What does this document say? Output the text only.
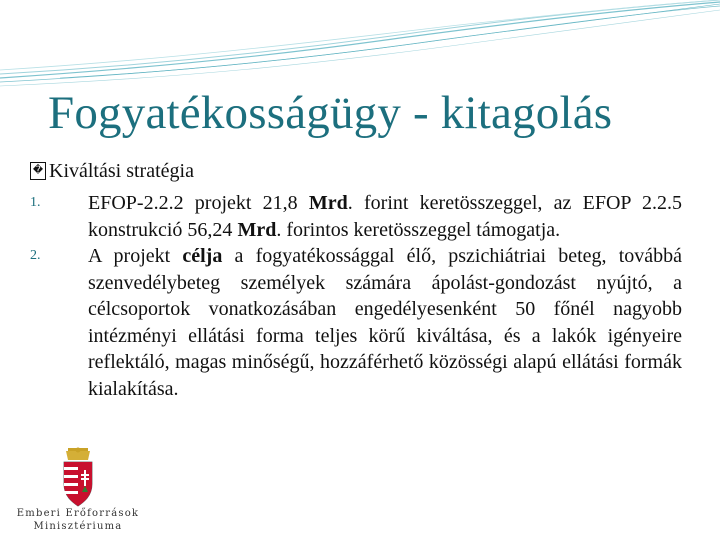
Fogyatékosságügy - kitagolás

� Kiváltási stratégia

1.	EFOP-2.2.2 projekt 21,8 Mrd. forint keretösszeggel, az EFOP 2.2.5 konstrukció 56,24 Mrd. forintos keretösszeggel támogatja.
2.	A projekt célja a fogyatékossággal élő, pszichiátriai beteg, továbbá szenvedélybeteg személyek számára ápolást-gondozást nyújtó, a célcsoportok vonatkozásában engedélyesenként 50 főnél nagyobb intézményi ellátási forma teljes körű kiváltása, és a lakók igényeire reflektáló, magas minőségű, hozzáférhető közösségi alapú ellátási formák kialakítása.
Emberi Erőforrások
Minisztériuma
